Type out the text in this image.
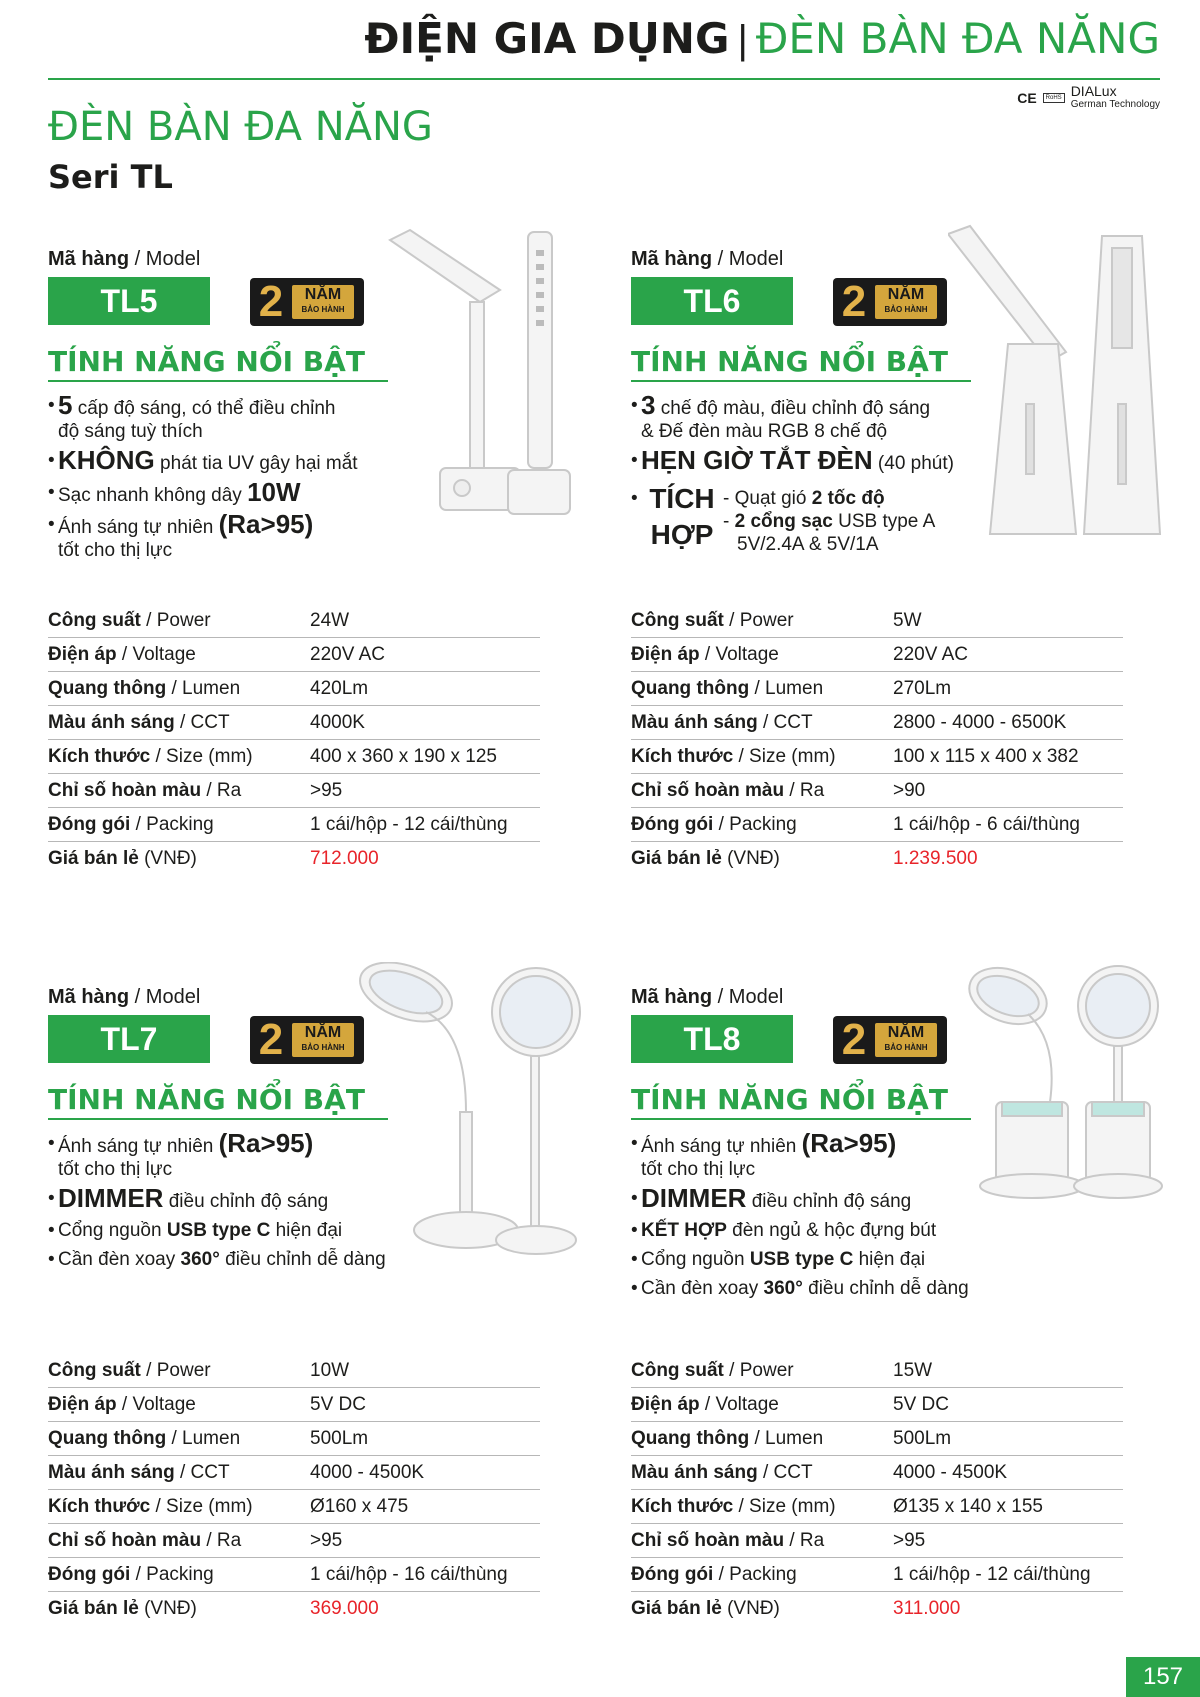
ĐIỆN GIA DỤNG | ĐÈN BÀN ĐA NĂNG
CE	RoHS DIALux
German Technology
ĐÈN BÀN ĐA NĂNG
Seri TL
Mã hàng / Model
TL5	2	NĂM
BẢO HÀNH
TÍNH NĂNG NỔI BẬT
• 5 cấp độ sáng, có thể điều chỉnh
độ sáng tuỳ thích
• KHÔNG phát tia UV gây hại mắt
• Sạc nhanh không dây 10W
• Ánh sáng tự nhiên (Ra>95)
tốt cho thị lực
Công suất / Power	24W
Điện áp / Voltage	220V AC
Quang thông / Lumen	420Lm
Màu ánh sáng / CCT	4000K
Kích thước / Size (mm)	400 x 360 x 190 x 125
Chỉ số hoàn màu / Ra	>95
Đóng gói / Packing	1 cái/hộp - 12 cái/thùng
Giá bán lẻ (VNĐ)	712.000
Mã hàng / Model
TL6	2	NĂM
BẢO HÀNH
TÍNH NĂNG NỔI BẬT
• 3 chế độ màu, điều chỉnh độ sáng
& Đế đèn màu RGB 8 chế độ
• HẸN GIỜ TẮT ĐÈN (40 phút)
• TÍCH
HỢP
- Quạt gió 2 tốc độ
- 2 cổng sạc USB type A
5V/2.4A & 5V/1A
Công suất / Power	5W
Điện áp / Voltage	220V AC
Quang thông / Lumen	270Lm
Màu ánh sáng / CCT	2800 - 4000 - 6500K
Kích thước / Size (mm)	100 x 115 x 400 x 382
Chỉ số hoàn màu / Ra	>90
Đóng gói / Packing	1 cái/hộp - 6 cái/thùng
Giá bán lẻ (VNĐ)	1.239.500
Mã hàng / Model
TL7	2	NĂM
BẢO HÀNH
TÍNH NĂNG NỔI BẬT
• Ánh sáng tự nhiên (Ra>95)
tốt cho thị lực
• DIMMER điều chỉnh độ sáng
• Cổng nguồn USB type C hiện đại
• Cần đèn xoay 360° điều chỉnh dễ dàng
Công suất / Power	10W
Điện áp / Voltage	5V DC
Quang thông / Lumen	500Lm
Màu ánh sáng / CCT	4000 - 4500K
Kích thước / Size (mm)	Ø160 x 475
Chỉ số hoàn màu / Ra	>95
Đóng gói / Packing	1 cái/hộp - 16 cái/thùng
Giá bán lẻ (VNĐ)	369.000
Mã hàng / Model
TL8	2	NĂM
BẢO HÀNH
TÍNH NĂNG NỔI BẬT
• Ánh sáng tự nhiên (Ra>95)
tốt cho thị lực
• DIMMER điều chỉnh độ sáng
• KẾT HỢP đèn ngủ & hộc đựng bút
• Cổng nguồn USB type C hiện đại
• Cần đèn xoay 360° điều chỉnh dễ dàng
Công suất / Power	15W
Điện áp / Voltage	5V DC
Quang thông / Lumen	500Lm
Màu ánh sáng / CCT	4000 - 4500K
Kích thước / Size (mm)	Ø135 x 140 x 155
Chỉ số hoàn màu / Ra	>95
Đóng gói / Packing	1 cái/hộp - 12 cái/thùng
Giá bán lẻ (VNĐ)	311.000
157
